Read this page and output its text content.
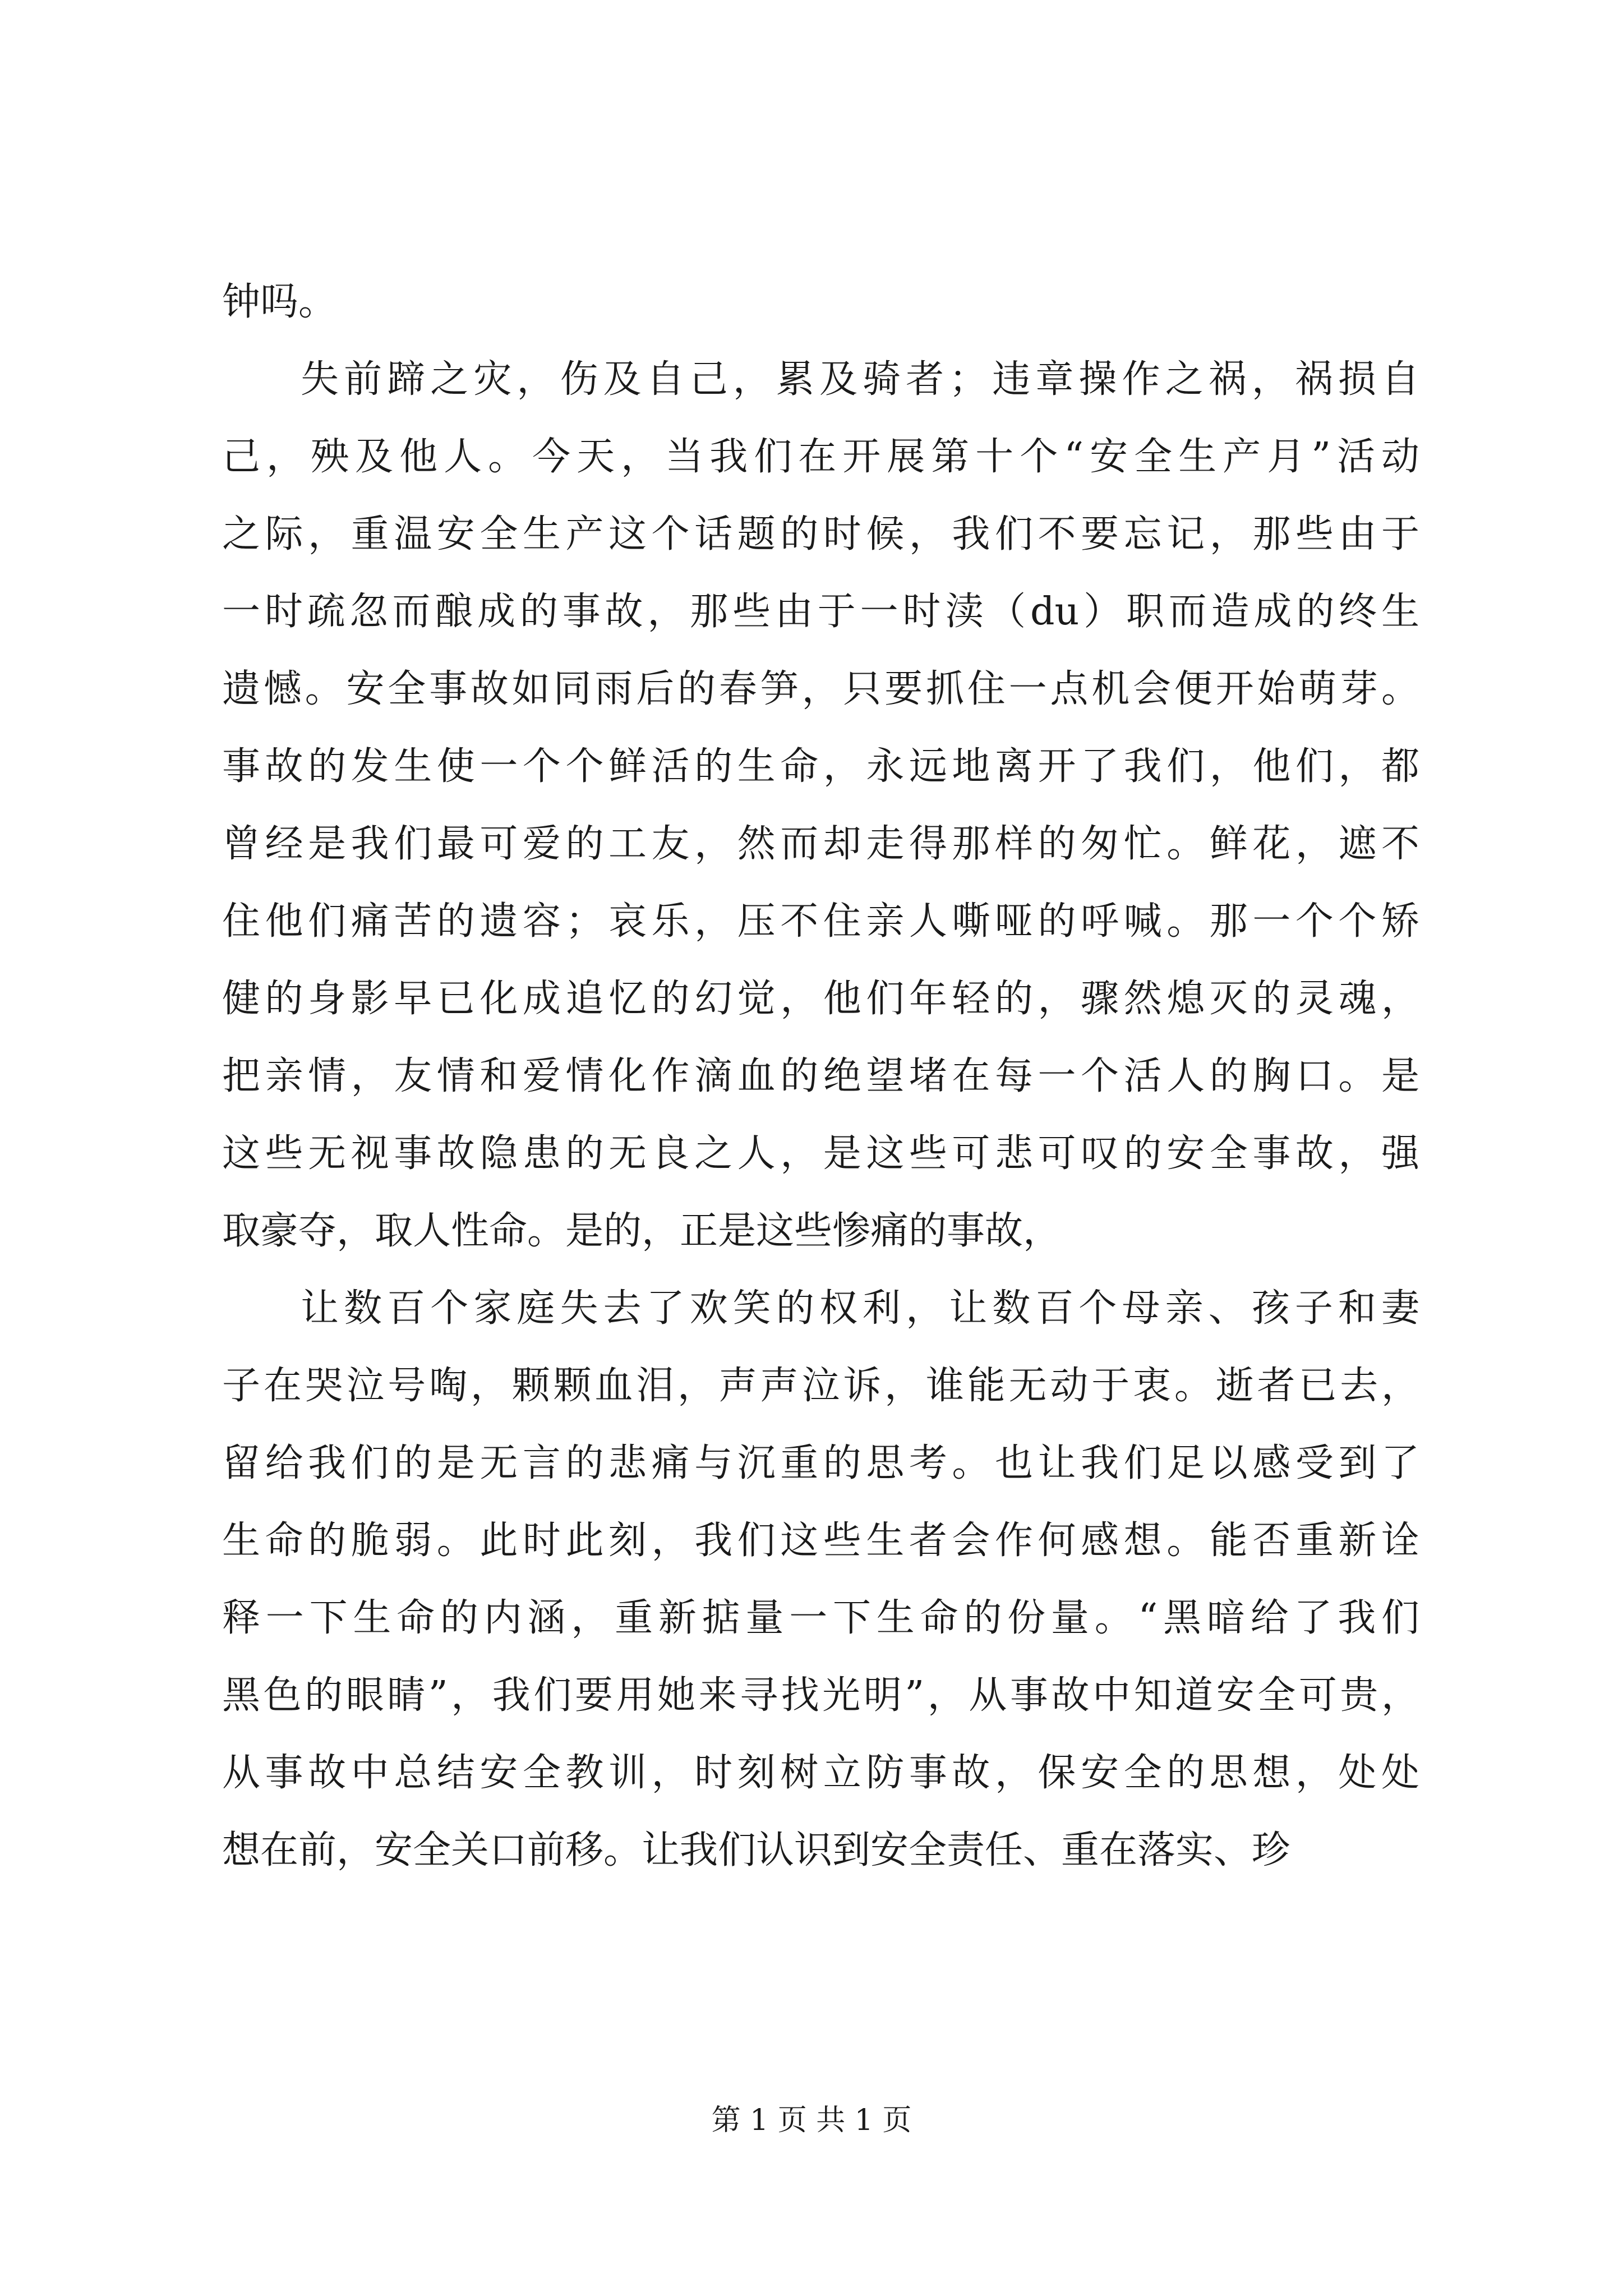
钟吗。
失前蹄之灾，伤及自己，累及骑者；违章操作之祸，祸损自
己，殃及他人。今天，当我们在开展第十个“安全生产月”活动
之际，重温安全生产这个话题的时候，我们不要忘记，那些由于
一时疏忽而酿成的事故，那些由于一时渎（du）职而造成的终生
遗憾。安全事故如同雨后的春笋，只要抓住一点机会便开始萌芽。
事故的发生使一个个鲜活的生命，永远地离开了我们，他们，都
曾经是我们最可爱的工友，然而却走得那样的匆忙。鲜花，遮不
住他们痛苦的遗容；哀乐，压不住亲人嘶哑的呼喊。那一个个矫
健的身影早已化成追忆的幻觉，他们年轻的，骤然熄灭的灵魂，
把亲情，友情和爱情化作滴血的绝望堵在每一个活人的胸口。是
这些无视事故隐患的无良之人，是这些可悲可叹的安全事故，强
取豪夺，取人性命。是的，正是这些惨痛的事故，
让数百个家庭失去了欢笑的权利，让数百个母亲、孩子和妻
子在哭泣号啕，颗颗血泪，声声泣诉，谁能无动于衷。逝者已去，
留给我们的是无言的悲痛与沉重的思考。也让我们足以感受到了
生命的脆弱。此时此刻，我们这些生者会作何感想。能否重新诠
释一下生命的内涵，重新掂量一下生命的份量。“黑暗给了我们
黑色的眼睛”，我们要用她来寻找光明”，从事故中知道安全可贵，
从事故中总结安全教训，时刻树立防事故，保安全的思想，处处
想在前，安全关口前移。让我们认识到安全责任、重在落实、珍
第 1 页 共 1 页
